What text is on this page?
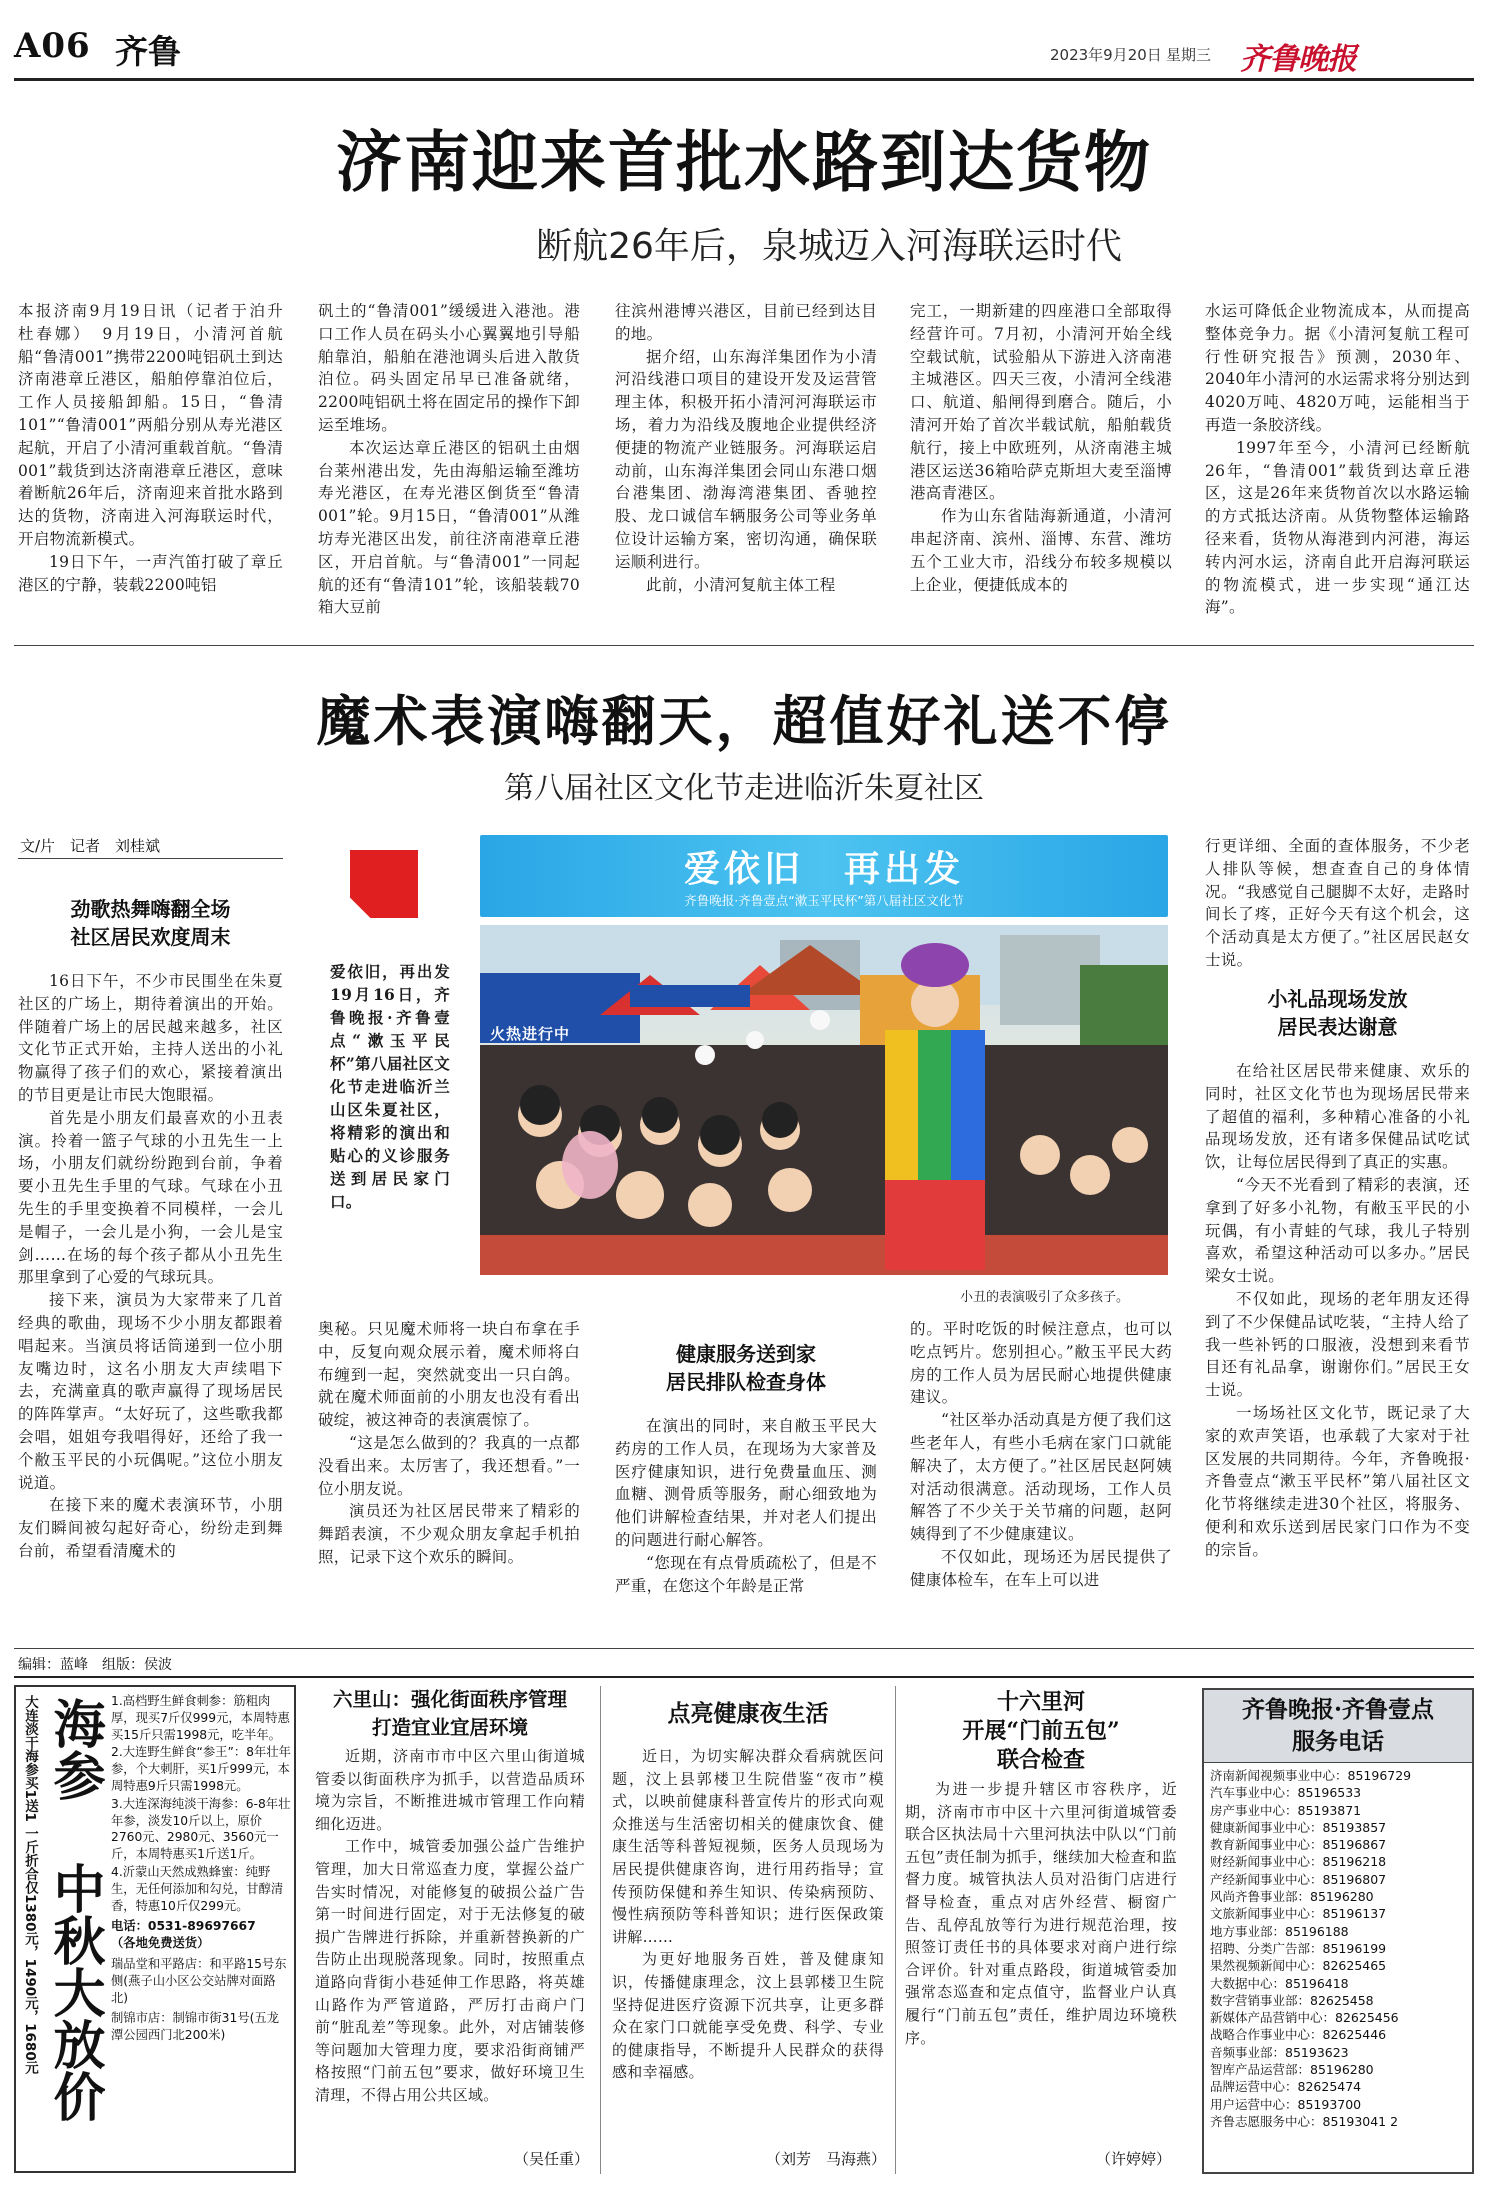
A06 齐鲁	2023年9月20日 星期三 齐鲁晚报
济南迎来首批水路到达货物
断航26年后，泉城迈入河海联运时代

本报济南9月19日讯（记者于泊升　杜春娜）　9月19日，小清河首航船“鲁清001”携带2200吨铝矾土到达济南港章丘港区，船舶停靠泊位后，工作人员接船卸船。15日，“鲁清101”“鲁清001”两船分别从寿光港区起航，开启了小清河重载首航。“鲁清001”载货到达济南港章丘港区，意味着断航26年后，济南迎来首批水路到达的货物，济南进入河海联运时代，开启物流新模式。

19日下午，一声汽笛打破了章丘港区的宁静，装载2200吨铝

矾土的“鲁清001”缓缓进入港池。港口工作人员在码头小心翼翼地引导船舶靠泊，船舶在港池调头后进入散货泊位。码头固定吊早已准备就绪，2200吨铝矾土将在固定吊的操作下卸运至堆场。

本次运达章丘港区的铝矾土由烟台莱州港出发，先由海船运输至潍坊寿光港区，在寿光港区倒货至“鲁清001”轮。9月15日，“鲁清001”从潍坊寿光港区出发，前往济南港章丘港区，开启首航。与“鲁清001”一同起航的还有“鲁清101”轮，该船装载70箱大豆前

往滨州港博兴港区，目前已经到达目的地。

据介绍，山东海洋集团作为小清河沿线港口项目的建设开发及运营管理主体，积极开拓小清河河海联运市场，着力为沿线及腹地企业提供经济便捷的物流产业链服务。河海联运启动前，山东海洋集团会同山东港口烟台港集团、渤海湾港集团、香驰控股、龙口诚信车辆服务公司等业务单位设计运输方案，密切沟通，确保联运顺利进行。

此前，小清河复航主体工程

完工，一期新建的四座港口全部取得经营许可。7月初，小清河开始全线空载试航，试验船从下游进入济南港主城港区。四天三夜，小清河全线港口、航道、船闸得到磨合。随后，小清河开始了首次半载试航，船舶载货航行，接上中欧班列，从济南港主城港区运送36箱哈萨克斯坦大麦至淄博港高青港区。

作为山东省陆海新通道，小清河串起济南、滨州、淄博、东营、潍坊五个工业大市，沿线分布较多规模以上企业，便捷低成本的

水运可降低企业物流成本，从而提高整体竞争力。据《小清河复航工程可行性研究报告》预测，2030年、2040年小清河的水运需求将分别达到4020万吨、4820万吨，运能相当于再造一条胶济线。

1997年至今，小清河已经断航26年，“鲁清001”载货到达章丘港区，这是26年来货物首次以水路运输的方式抵达济南。从货物整体运输路径来看，货物从海港到内河港，海运转内河水运，济南自此开启海河联运的物流模式，进一步实现“通江达海”。

魔术表演嗨翻天，超值好礼送不停
第八届社区文化节走进临沂朱夏社区
文/片　记者　刘桂斌
劲歌热舞嗨翻全场
社区居民欢度周末

16日下午，不少市民围坐在朱夏社区的广场上，期待着演出的开始。伴随着广场上的居民越来越多，社区文化节正式开始，主持人送出的小礼物赢得了孩子们的欢心，紧接着演出的节目更是让市民大饱眼福。

首先是小朋友们最喜欢的小丑表演。拎着一篮子气球的小丑先生一上场，小朋友们就纷纷跑到台前，争着要小丑先生手里的气球。气球在小丑先生的手里变换着不同模样，一会儿是帽子，一会儿是小狗，一会儿是宝剑……在场的每个孩子都从小丑先生那里拿到了心爱的气球玩具。

接下来，演员为大家带来了几首经典的歌曲，现场不少小朋友都跟着唱起来。当演员将话筒递到一位小朋友嘴边时，这名小朋友大声续唱下去，充满童真的歌声赢得了现场居民的阵阵掌声。“太好玩了，这些歌我都会唱，姐姐夸我唱得好，还给了我一个敝玉平民的小玩偶呢。”这位小朋友说道。

在接下来的魔术表演环节，小朋友们瞬间被勾起好奇心，纷纷走到舞台前，希望看清魔术的

爱依旧，再出发 19月16日，齐鲁晚报·齐鲁壹点“漱玉平民杯”第八届社区文化节走进临沂兰山区朱夏社区，将精彩的演出和贴心的义诊服务送到居民家门口。

爱依旧　再出发
齐鲁晚报·齐鲁壹点“漱玉平民杯”第八届社区文化节
火热进行中
小丑的表演吸引了众多孩子。

奥秘。只见魔术师将一块白布拿在手中，反复向观众展示着，魔术师将白布缠到一起，突然就变出一只白鸽。就在魔术师面前的小朋友也没有看出破绽，被这神奇的表演震惊了。

“这是怎么做到的？我真的一点都没看出来。太厉害了，我还想看。”一位小朋友说。

演员还为社区居民带来了精彩的舞蹈表演，不少观众朋友拿起手机拍照，记录下这个欢乐的瞬间。

健康服务送到家
居民排队检查身体

在演出的同时，来自敝玉平民大药房的工作人员，在现场为大家普及医疗健康知识，进行免费量血压、测血糖、测骨质等服务，耐心细致地为他们讲解检查结果，并对老人们提出的问题进行耐心解答。

“您现在有点骨质疏松了，但是不严重，在您这个年龄是正常

的。平时吃饭的时候注意点，也可以吃点钙片。您别担心。”敝玉平民大药房的工作人员为居民耐心地提供健康建议。

“社区举办活动真是方便了我们这些老年人，有些小毛病在家门口就能解决了，太方便了。”社区居民赵阿姨对活动很满意。活动现场，工作人员解答了不少关于关节痛的问题，赵阿姨得到了不少健康建议。

不仅如此，现场还为居民提供了健康体检车，在车上可以进

行更详细、全面的查体服务，不少老人排队等候，想查查自己的身体情况。“我感觉自己腿脚不太好，走路时间长了疼，正好今天有这个机会，这个活动真是太方便了。”社区居民赵女士说。

小礼品现场发放
居民表达谢意

在给社区居民带来健康、欢乐的同时，社区文化节也为现场居民带来了超值的福利，多种精心准备的小礼品现场发放，还有诸多保健品试吃试饮，让每位居民得到了真正的实惠。

“今天不光看到了精彩的表演，还拿到了好多小礼物，有敝玉平民的小玩偶，有小青蛙的气球，我儿子特别喜欢，希望这种活动可以多办。”居民梁女士说。

不仅如此，现场的老年朋友还得到了不少保健品试吃装，“主持人给了我一些补钙的口服液，没想到来看节目还有礼品拿，谢谢你们。”居民王女士说。

一场场社区文化节，既记录了大家的欢声笑语，也承载了大家对于社区发展的共同期待。今年，齐鲁晚报·齐鲁壹点“漱玉平民杯”第八届社区文化节将继续走进30个社区，将服务、便利和欢乐送到居民家门口作为不变的宗旨。

编辑：蓝峰　组版：侯波
大连淡干海参买1送1 一斤折合仅1380元，1490元，1680元 海参
中秋大放价
1.高档野生鲜食刺参：筋粗肉厚，现买7斤仅999元，本周特惠买15斤只需1998元，吃半年。
2.大连野生鲜食“参王”：8年壮年参，个大刺肝，买1斤999元，本周特惠9斤只需1998元。
3.大连深海纯淡干海参：6-8年壮年参，淡发10斤以上，原价2760元、2980元、3560元一斤，本周特惠买1斤送1斤。
4.沂蒙山天然成熟蜂蜜：纯野生，无任何添加和勾兑，甘醇清香，特惠10斤仅299元。
电话：0531-89697667
（各地免费送货）
瑞品堂和平路店：和平路15号东侧(燕子山小区公交站牌对面路北)
制锦市店：制锦市街31号(五龙潭公园西门北200米)
六里山：强化街面秩序管理
打造宜业宜居环境

近期，济南市市中区六里山街道城管委以街面秩序为抓手，以营造品质环境为宗旨，不断推进城市管理工作向精细化迈进。

工作中，城管委加强公益广告维护管理，加大日常巡查力度，掌握公益广告实时情况，对能修复的破损公益广告第一时间进行固定，对于无法修复的破损广告牌进行拆除，并重新替换新的广告防止出现脱落现象。同时，按照重点道路向背街小巷延伸工作思路，将英雄山路作为严管道路，严厉打击商户门前“脏乱差”等现象。此外，对店铺装修等问题加大管理力度，要求沿街商铺严格按照“门前五包”要求，做好环境卫生清理，不得占用公共区域。

（吴任重）
点亮健康夜生活

近日，为切实解决群众看病就医问题，汶上县郭楼卫生院借鉴“夜市”模式，以映前健康科普宣传片的形式向观众推送与生活密切相关的健康饮食、健康生活等科普短视频，医务人员现场为居民提供健康咨询，进行用药指导；宣传预防保健和养生知识、传染病预防、慢性病预防等科普知识；进行医保政策讲解……

为更好地服务百姓，普及健康知识，传播健康理念，汶上县郭楼卫生院坚持促进医疗资源下沉共享，让更多群众在家门口就能享受免费、科学、专业的健康指导，不断提升人民群众的获得感和幸福感。

（刘芳　马海燕）
十六里河
开展“门前五包”
联合检查

为进一步提升辖区市容秩序，近期，济南市市中区十六里河街道城管委联合区执法局十六里河执法中队以“门前五包”责任制为抓手，继续加大检查和监督力度。城管执法人员对沿街门店进行督导检查，重点对店外经营、橱窗广告、乱停乱放等行为进行规范治理，按照签订责任书的具体要求对商户进行综合评价。针对重点路段，街道城管委加强常态巡查和定点值守，监督业户认真履行“门前五包”责任，维护周边环境秩序。

（许婷婷）
齐鲁晚报·齐鲁壹点
服务电话
济南新闻视频事业中心： 85196729
汽车事业中心： 85196533
房产事业中心： 85193871
健康新闻事业中心： 85193857
教育新闻事业中心： 85196867
财经新闻事业中心： 85196218
产经新闻事业中心： 85196807
风尚齐鲁事业部： 85196280
文旅新闻事业中心： 85196137
地方事业部： 85196188
招聘、分类广告部： 85196199
果然视频新闻中心： 82625465
大数据中心： 85196418
数字营销事业部： 82625458
新媒体产品营销中心： 82625456
战略合作事业中心： 82625446
音频事业部： 85193623
智库产品运营部： 85196280
品牌运营中心： 82625474
用户运营中心： 85193700
齐鲁志愿服务中心： 85193041 2
